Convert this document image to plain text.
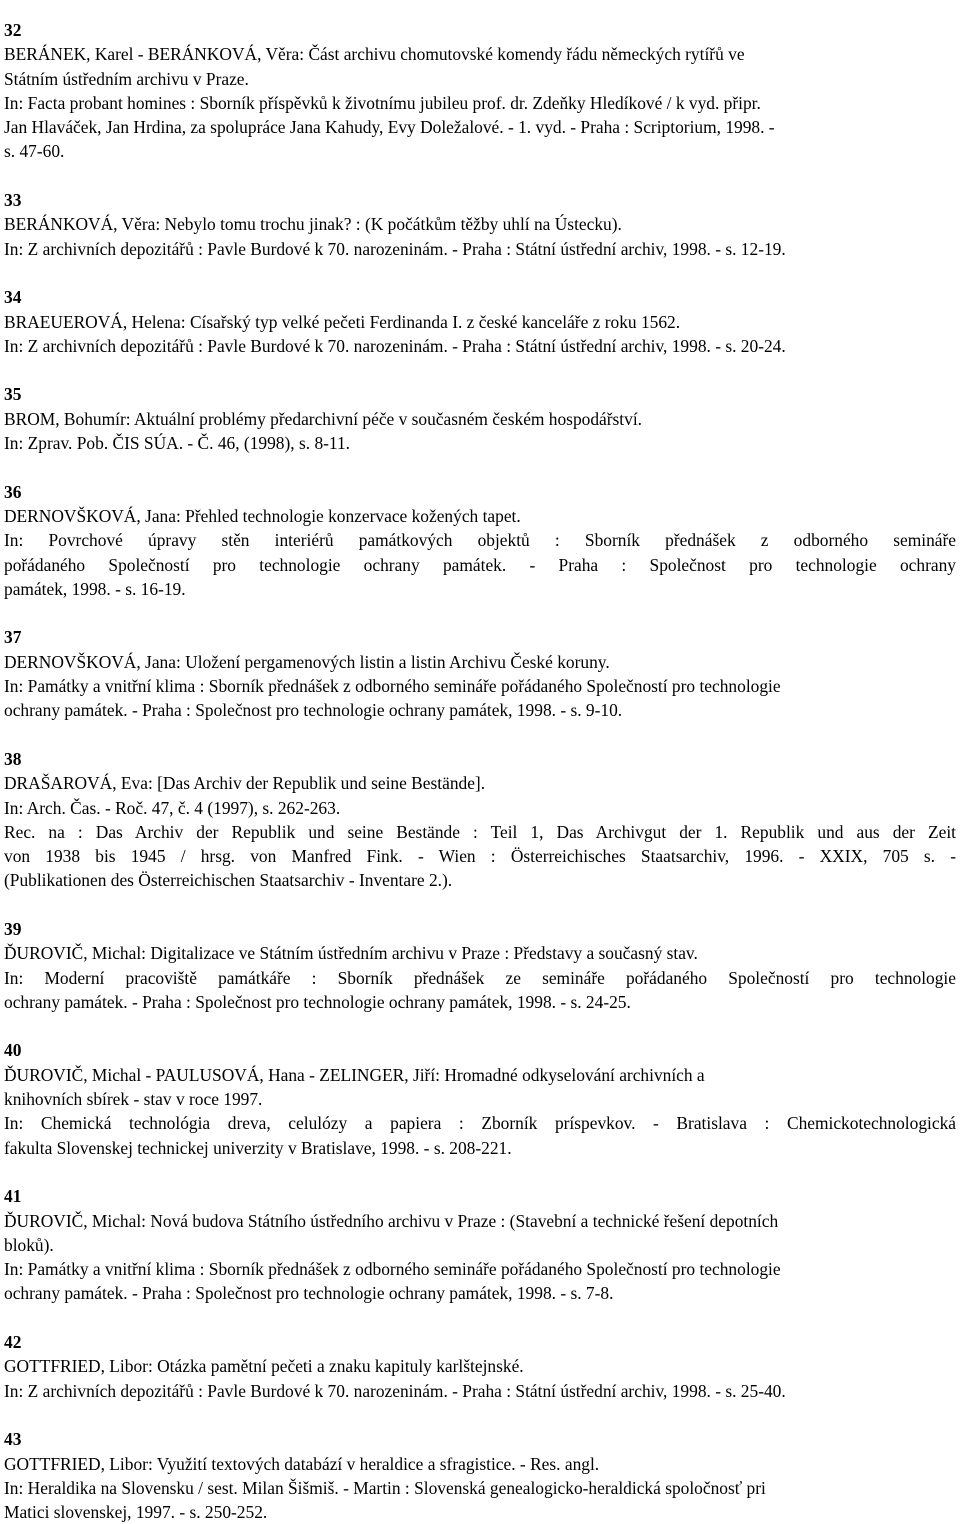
32
BERÁNEK, Karel - BERÁNKOVÁ, Věra: Část archivu chomutovské komendy řádu německých rytířů ve
Státním ústředním archivu v Praze.
In: Facta probant homines : Sborník příspěvků k životnímu jubileu prof. dr. Zdeňky Hledíkové / k vyd. připr.
Jan Hlaváček, Jan Hrdina, za spolupráce Jana Kahudy, Evy Doležalové. - 1. vyd. - Praha : Scriptorium, 1998. -
s. 47-60.
33
BERÁNKOVÁ, Věra: Nebylo tomu trochu jinak? : (K počátkům těžby uhlí na Ústecku).
In: Z archivních depozitářů : Pavle Burdové k 70. narozeninám. - Praha : Státní ústřední archiv, 1998. - s. 12-19.
34
BRAEUEROVÁ, Helena: Císařský typ velké pečeti Ferdinanda I. z české kanceláře z roku 1562.
In: Z archivních depozitářů : Pavle Burdové k 70. narozeninám. - Praha : Státní ústřední archiv, 1998. - s. 20-24.
35
BROM, Bohumír: Aktuální problémy předarchivní péče v současném českém hospodářství.
In: Zprav. Pob. ČIS SÚA. - Č. 46, (1998), s. 8-11.
36
DERNOVŠKOVÁ, Jana: Přehled technologie konzervace kožených tapet.
In: Povrchové úpravy stěn interiérů památkových objektů : Sborník přednášek z odborného semináře
pořádaného Společností pro technologie ochrany památek. - Praha : Společnost pro technologie ochrany
památek, 1998. - s. 16-19.
37
DERNOVŠKOVÁ, Jana: Uložení pergamenových listin a listin Archivu České koruny.
In: Památky a vnitřní klima : Sborník přednášek z odborného semináře pořádaného Společností pro technologie
ochrany památek. - Praha : Společnost pro technologie ochrany památek, 1998. - s. 9-10.
38
DRAŠAROVÁ, Eva: [Das Archiv der Republik und seine Bestände].
In: Arch. Čas. - Roč. 47, č. 4 (1997), s. 262-263.
Rec. na : Das Archiv der Republik und seine Bestände : Teil 1, Das Archivgut der 1. Republik und aus der Zeit
von 1938 bis 1945 / hrsg. von Manfred Fink. - Wien : Österreichisches Staatsarchiv, 1996. - XXIX, 705 s. -
(Publikationen des Österreichischen Staatsarchiv - Inventare 2.).
39
ĎUROVIČ, Michal: Digitalizace ve Státním ústředním archivu v Praze : Představy a současný stav.
In: Moderní pracoviště památkáře : Sborník přednášek ze semináře pořádaného Společností pro technologie
ochrany památek. - Praha : Společnost pro technologie ochrany památek, 1998. - s. 24-25.
40
ĎUROVIČ, Michal - PAULUSOVÁ, Hana - ZELINGER, Jiří: Hromadné odkyselování archivních a
knihovních sbírek - stav v roce 1997.
In: Chemická technológia dreva, celulózy a papiera : Zborník príspevkov. - Bratislava : Chemickotechnologická
fakulta Slovenskej technickej univerzity v Bratislave, 1998. - s. 208-221.
41
ĎUROVIČ, Michal: Nová budova Státního ústředního archivu v Praze : (Stavební a technické řešení depotních
bloků).
In: Památky a vnitřní klima : Sborník přednášek z odborného semináře pořádaného Společností pro technologie
ochrany památek. - Praha : Společnost pro technologie ochrany památek, 1998. - s. 7-8.
42
GOTTFRIED, Libor: Otázka pamětní pečeti a znaku kapituly karlštejnské.
In: Z archivních depozitářů : Pavle Burdové k 70. narozeninám. - Praha : Státní ústřední archiv, 1998. - s. 25-40.
43
GOTTFRIED, Libor: Využití textových databází v heraldice a sfragistice. - Res. angl.
In: Heraldika na Slovensku / sest. Milan Šišmiš. - Martin : Slovenská genealogicko-heraldická spoločnosť pri
Matici slovenskej, 1997. - s. 250-252.
